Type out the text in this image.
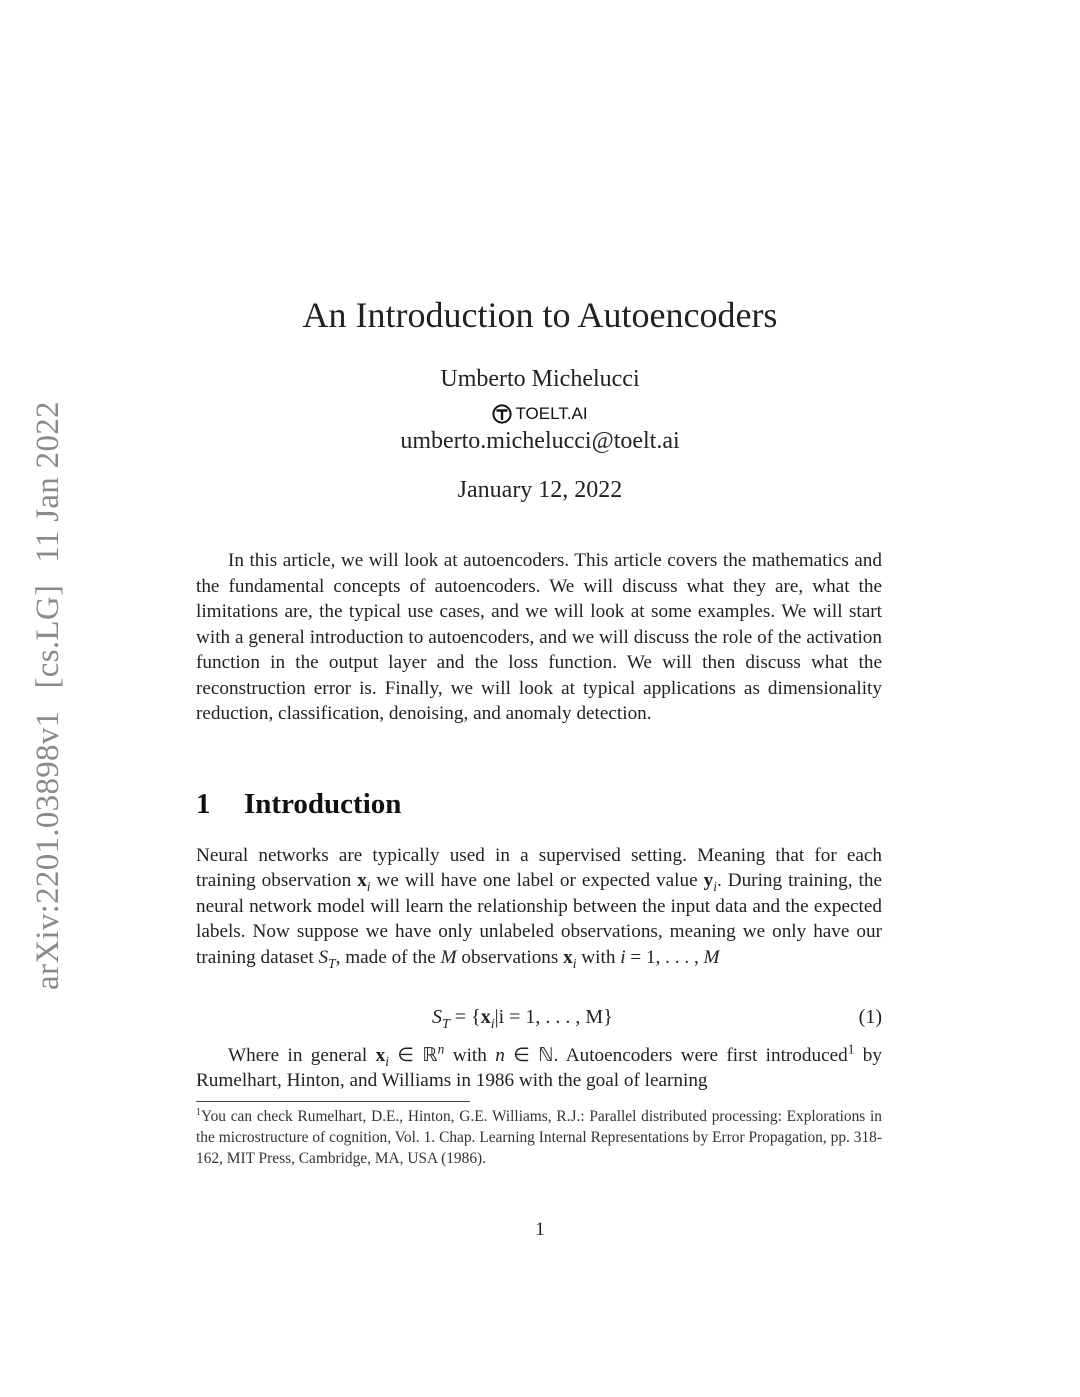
arXiv:2201.03898v1[cs.LG]11 Jan 2022
An Introduction to Autoencoders
Umberto Michelucci
TOELT.AI
umberto.michelucci@toelt.ai
January 12, 2022

In this article, we will look at autoencoders. This article covers the mathematics and the fundamental concepts of autoencoders. We will discuss what they are, what the limitations are, the typical use cases, and we will look at some examples. We will start with a general introduction to autoencoders, and we will discuss the role of the activation function in the output layer and the loss function. We will then discuss what the reconstruction error is. Finally, we will look at typical applications as dimensionality reduction, classification, denoising, and anomaly detection.

1 Introduction

Neural networks are typically used in a supervised setting. Meaning that for each training observation $x_i$ we will have one label or expected value $y_i$. During training, the neural network model will learn the relationship between the input data and the expected labels. Now suppose we have only unlabeled observations, meaning we only have our training dataset $S_T$, made of the M observations $x_i$ with i = 1, . . . , M

$S_T = \{x_i|i = 1$, . . . , M}	(1)

Where in general $x_i$ ∈ ℝ$^n$ with n ∈ ℕ. Autoencoders were first introduced$^1$ by Rumelhart, Hinton, and Williams in 1986 with the goal of learning

$^1$You can check Rumelhart, D.E., Hinton, G.E. Williams, R.J.: Parallel distributed processing: Explorations in the microstructure of cognition, Vol. 1. Chap. Learning Internal Representations by Error Propagation, pp. 318-162, MIT Press, Cambridge, MA, USA (1986).
1
